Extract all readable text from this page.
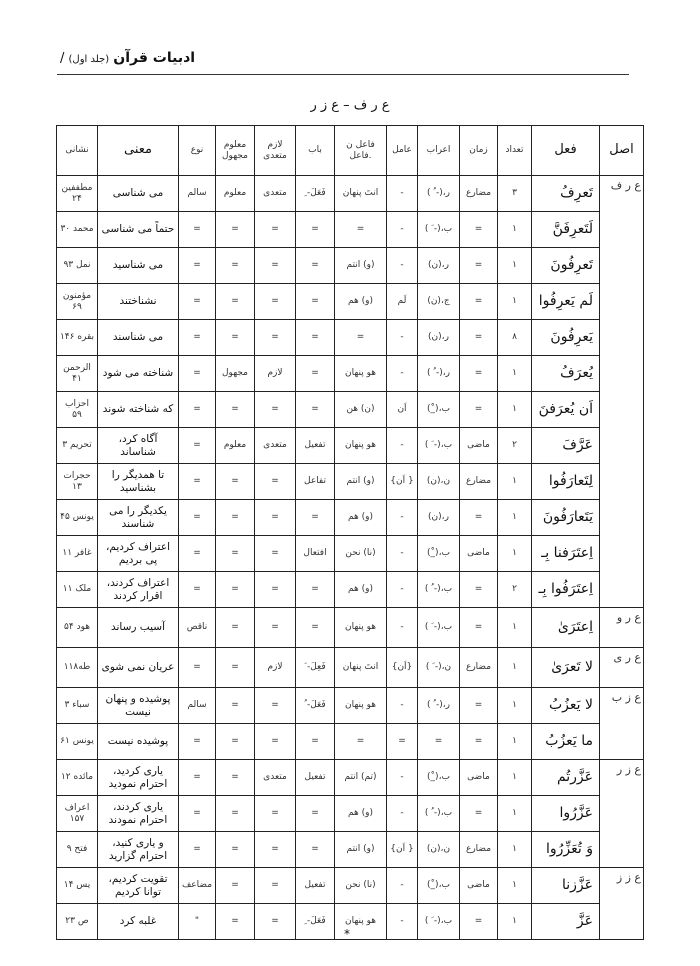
ادبیات قرآن (جلد اول) /
ع ر ف – ع ز ر
اصل	فعل	تعداد	زمان	اعراب	عامل	فاعل ن .فاعل	باب	لازم متعدی	معلوم مجهول	نوع	معنی	نشانی
ع ر ف	تَعرِفُ	٣	مضارع	ر،(- ُ )	-	انتَ پنهان	فَعَلَ- ِ	متعدی	معلوم	سالم	می شناسی	مطففین ٢۴
	لَتَعرِفَنَّ	١	=	ب،(- َ )	-	=	=	=	=	=	حتماً می شناسی	محمد ٣٠
	تَعرِفُونَ	١	=	ر،(ن)	-	(و) انتم	=	=	=	=	می شناسید	نمل ٩٣
	لَم یَعرِفُوا	١	=	ج،(ن)	لَم	(و) هم	=	=	=	=	نشناختند	مؤمنون ۶٩
	یَعرِفُونَ	٨	=	ر،(ن)	-	=	=	=	=	=	می شناسند	بقره ١۴۶
	یُعرَفُ	١	=	ر،(- ُ )	-	هو پنهان	=	لازم	مجهول	=	شناخته می شود	الرحمن ۴١
	اَن یُعرَفنَ	١	=	ب،(_ْ)	اَن	(ن) هن	=	=	=	=	که شناخته شوند	احزاب ۵٩
	عَرَّفَ	٢	ماضی	ب،(- َ )	-	هو پنهان	تفعیل	متعدی	معلوم	=	آگاه کرد، شناساند	تحریم ٣
	لِتَعارَفُوا	١	مضارع	ن،(ن)	{ اَن}	(و) انتم	تفاعل	=	=	=	تا همدیگر را بشناسید	حجرات ١٣
	یَتَعارَفُونَ	١	=	ر،(ن)	-	(و) هم	=	=	=	=	یکدیگر را می شناسند	یونس ۴۵
	اِعتَرَفنا بِـ	١	ماضی	ب،(_ْ)	-	(نا) نحن	افتعال	=	=	=	اعتراف کردیم، پی بردیم	غافر ١١
	اِعتَرَفُوا بِـ	٢	=	ب،(- ُ )	-	(و) هم	=	=	=	=	اعتراف کردند، اقرار کردند	ملک ١١
ع ر و	اِعتَرَىٰ	١	=	ب،(- َ )	-	هو پنهان	=	=	=	ناقص	آسیب رساند	هود ۵۴
ع ر ی	لا تَعرَىٰ	١	مضارع	ن،(- َ )	{اَن}	انتَ پنهان	فَعِلَ- َ	لازم	=	=	عریان نمی شوی	طه١١٨
ع ز ب	لا یَعزُبُ	١	=	ر،(- ُ )	-	هو پنهان	فَعَلَ- ُ	=	=	سالم	پوشیده و پنهان نیست	سباء ٣
	ما یَعزُبُ	١	=	=	=	=	=	=	=	=	پوشیده نیست	یونس ۶١
ع ز ر	عَزَّرتُم	١	ماضی	ب،(_ْ)	-	(تم) انتم	تفعیل	متعدی	=	=	یاری کردید، احترام نمودید	مائده ١٢
	عَزَّرُوا	١	=	ب،(- ُ )	-	(و) هم	=	=	=	=	یاری کردند، احترام نمودند	اعراف ١۵٧
	وَ تُعَزِّرُوا	١	مضارع	ن،(ن)	{ اَن}	(و) انتم	=	=	=	=	و یاری کنید، احترام گزارید	فتح ٩
ع ز ز	عَزَّزنا	١	ماضی	ب،(_ْ)	-	(نا) نحن	تفعیل	=	=	مضاعف	تقویت کردیم، توانا کردیم	یس ١۴
	عَزَّ	١	=	ب،(- َ )	-	هو پنهان	فَعَلَ- ِ	=	=	"	غلبه کرد	ص ٢٣
*
